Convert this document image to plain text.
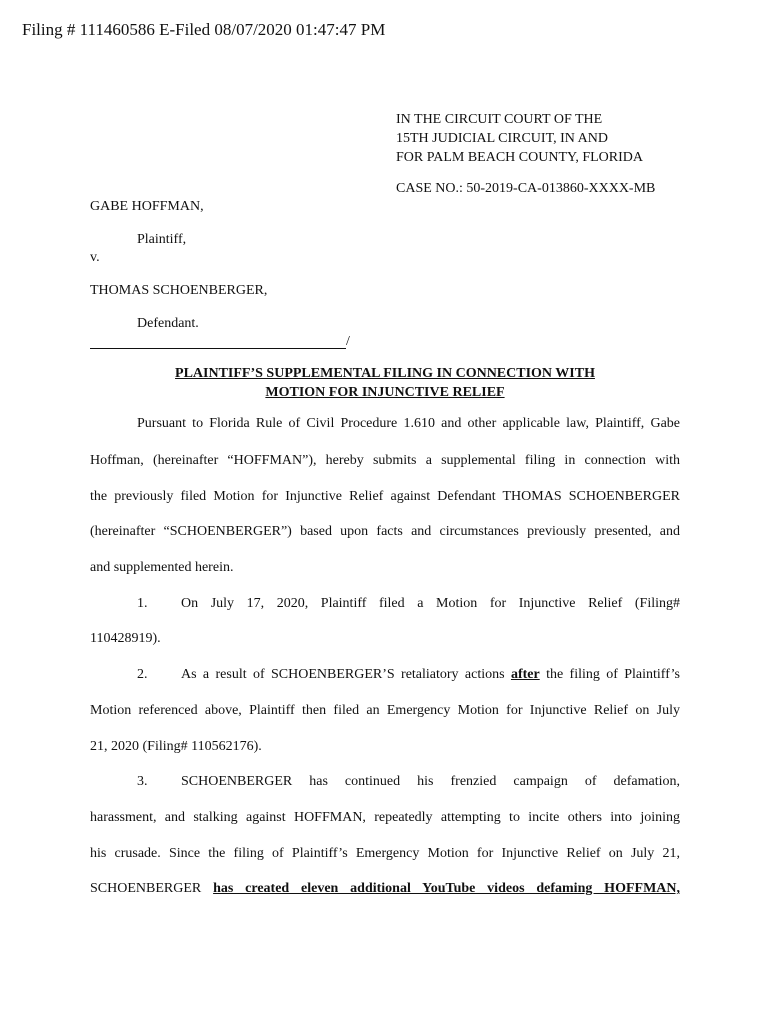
Filing # 111460586 E-Filed 08/07/2020 01:47:47 PM
IN THE CIRCUIT COURT OF THE
15TH JUDICIAL CIRCUIT, IN AND
FOR PALM BEACH COUNTY, FLORIDA
CASE NO.: 50-2019-CA-013860-XXXX-MB
GABE HOFFMAN,
Plaintiff,
v.
THOMAS SCHOENBERGER,
Defendant.
/
PLAINTIFF’S SUPPLEMENTAL FILING IN CONNECTION WITH
MOTION FOR INJUNCTIVE RELIEF
Pursuant to Florida Rule of Civil Procedure 1.610 and other applicable law, Plaintiff, Gabe
Hoffman, (hereinafter “HOFFMAN”), hereby submits a supplemental filing in connection with
the previously filed Motion for Injunctive Relief against Defendant THOMAS SCHOENBERGER
(hereinafter “SCHOENBERGER”) based upon facts and circumstances previously presented, and
and supplemented herein.
1. On July 17, 2020, Plaintiff filed a Motion for Injunctive Relief (Filing#
110428919).
2. As a result of SCHOENBERGER’S retaliatory actions after the filing of Plaintiff’s
Motion referenced above, Plaintiff then filed an Emergency Motion for Injunctive Relief on July
21, 2020 (Filing# 110562176).
3. SCHOENBERGER has continued his frenzied campaign of defamation,
harassment, and stalking against HOFFMAN, repeatedly attempting to incite others into joining
his crusade. Since the filing of Plaintiff’s Emergency Motion for Injunctive Relief on July 21,
SCHOENBERGER has created eleven additional YouTube videos defaming HOFFMAN,
